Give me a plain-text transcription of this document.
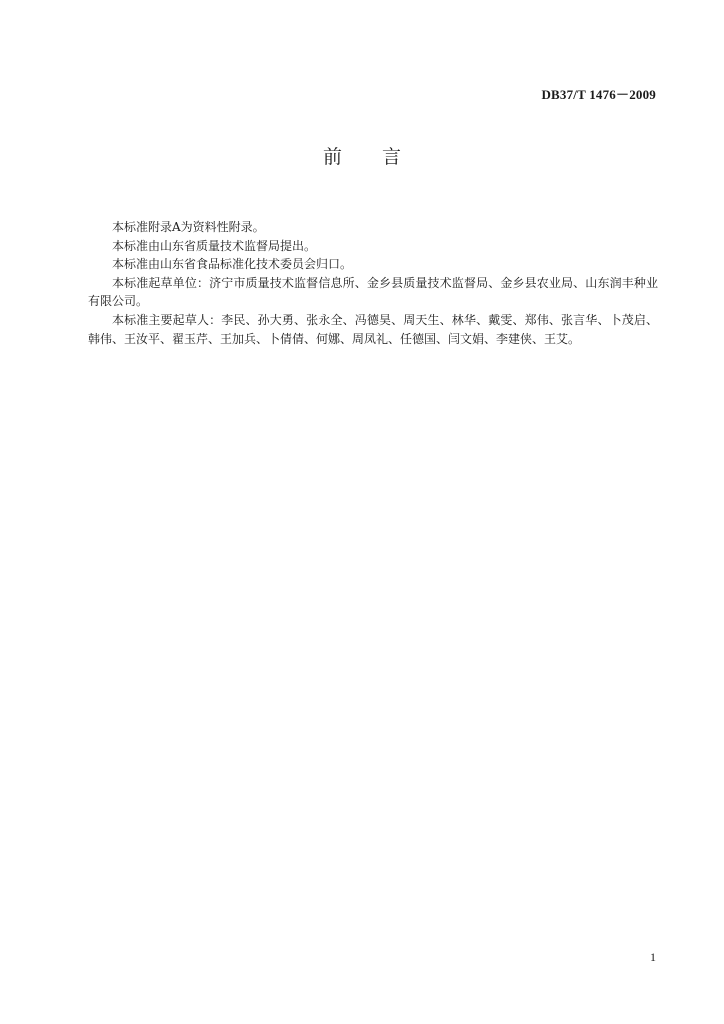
DB37/T 1476－2009
前言

本标准附录A为资料性附录。

本标准由山东省质量技术监督局提出。

本标准由山东省食品标准化技术委员会归口。

本标准起草单位：济宁市质量技术监督信息所、金乡县质量技术监督局、金乡县农业局、山东润丰种业有限公司。

本标准主要起草人：李民、孙大勇、张永全、冯德昊、周天生、林华、戴雯、郑伟、张言华、卜茂启、韩伟、王汝平、翟玉芹、王加兵、卜倩倩、何娜、周凤礼、任德国、闫文娟、李建侠、王艾。

1
